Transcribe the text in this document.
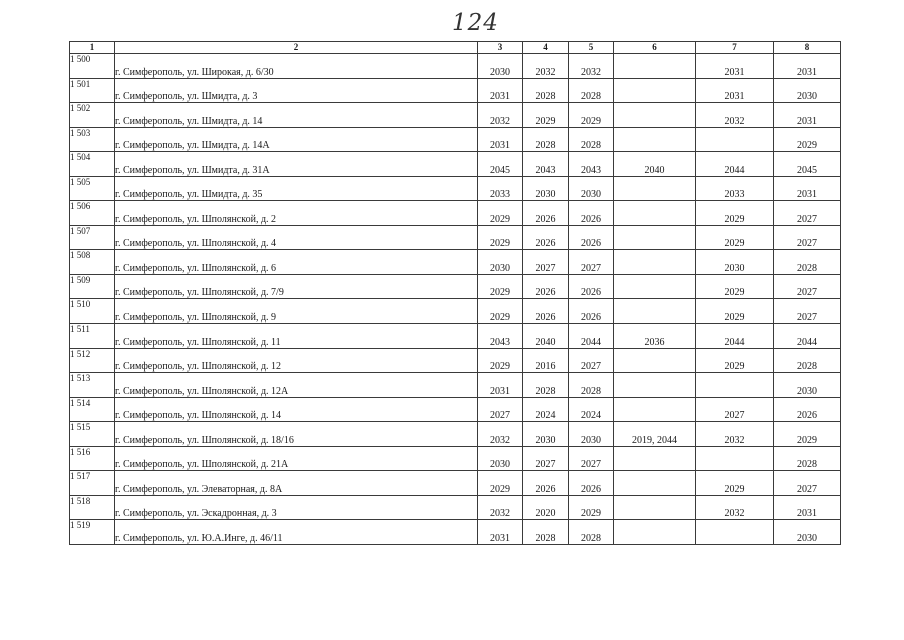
124
1	2	3	4	5	6	7	8
1 500	г. Симферополь, ул. Широкая, д. 6/30	2030	2032	2032		2031	2031
1 501	г. Симферополь, ул. Шмидта, д. 3	2031	2028	2028		2031	2030
1 502	г. Симферополь, ул. Шмидта, д. 14	2032	2029	2029		2032	2031
1 503	г. Симферополь, ул. Шмидта, д. 14А	2031	2028	2028			2029
1 504	г. Симферополь, ул. Шмидта, д. 31А	2045	2043	2043	2040	2044	2045
1 505	г. Симферополь, ул. Шмидта, д. 35	2033	2030	2030		2033	2031
1 506	г. Симферополь, ул. Шполянской, д. 2	2029	2026	2026		2029	2027
1 507	г. Симферополь, ул. Шполянской, д. 4	2029	2026	2026		2029	2027
1 508	г. Симферополь, ул. Шполянской, д. 6	2030	2027	2027		2030	2028
1 509	г. Симферополь, ул. Шполянской, д. 7/9	2029	2026	2026		2029	2027
1 510	г. Симферополь, ул. Шполянской, д. 9	2029	2026	2026		2029	2027
1 511	г. Симферополь, ул. Шполянской, д. 11	2043	2040	2044	2036	2044	2044
1 512	г. Симферополь, ул. Шполянской, д. 12	2029	2016	2027		2029	2028
1 513	г. Симферополь, ул. Шполянской, д. 12А	2031	2028	2028			2030
1 514	г. Симферополь, ул. Шполянской, д. 14	2027	2024	2024		2027	2026
1 515	г. Симферополь, ул. Шполянской, д. 18/16	2032	2030	2030	2019, 2044	2032	2029
1 516	г. Симферополь, ул. Шполянской, д. 21А	2030	2027	2027			2028
1 517	г. Симферополь, ул. Элеваторная, д. 8А	2029	2026	2026		2029	2027
1 518	г. Симферополь, ул. Эскадронная, д. 3	2032	2020	2029		2032	2031
1 519	г. Симферополь, ул. Ю.А.Инге, д. 46/11	2031	2028	2028			2030
